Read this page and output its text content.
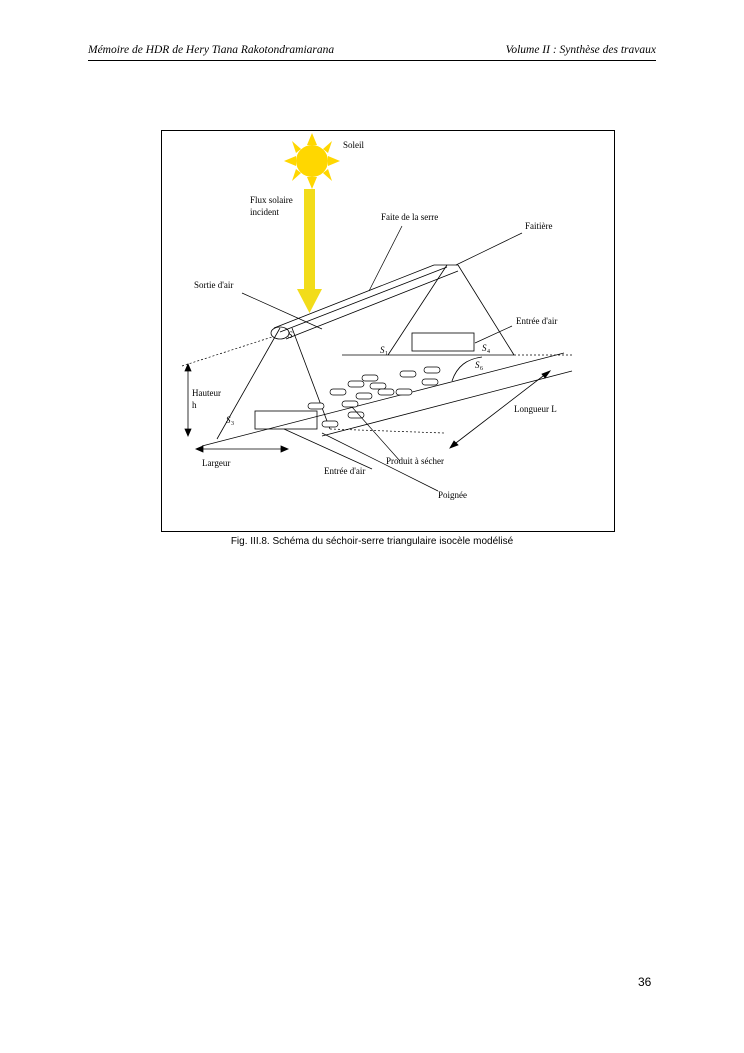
Mémoire de HDR de Hery Tiana Rakotondramiarana	Volume II : Synthèse des travaux
Soleil
Flux solaire
incident	Faite de la serre
Faitière
Sortie d'air
Entrée d'air
Hauteur
h	Longueur L
Largeur
Entrée d'air
Produit à sécher
Poignée
S
S 1
S 4
S 6
S 3
Fig. III.8. Schéma du séchoir-serre triangulaire isocèle modélisé
36
